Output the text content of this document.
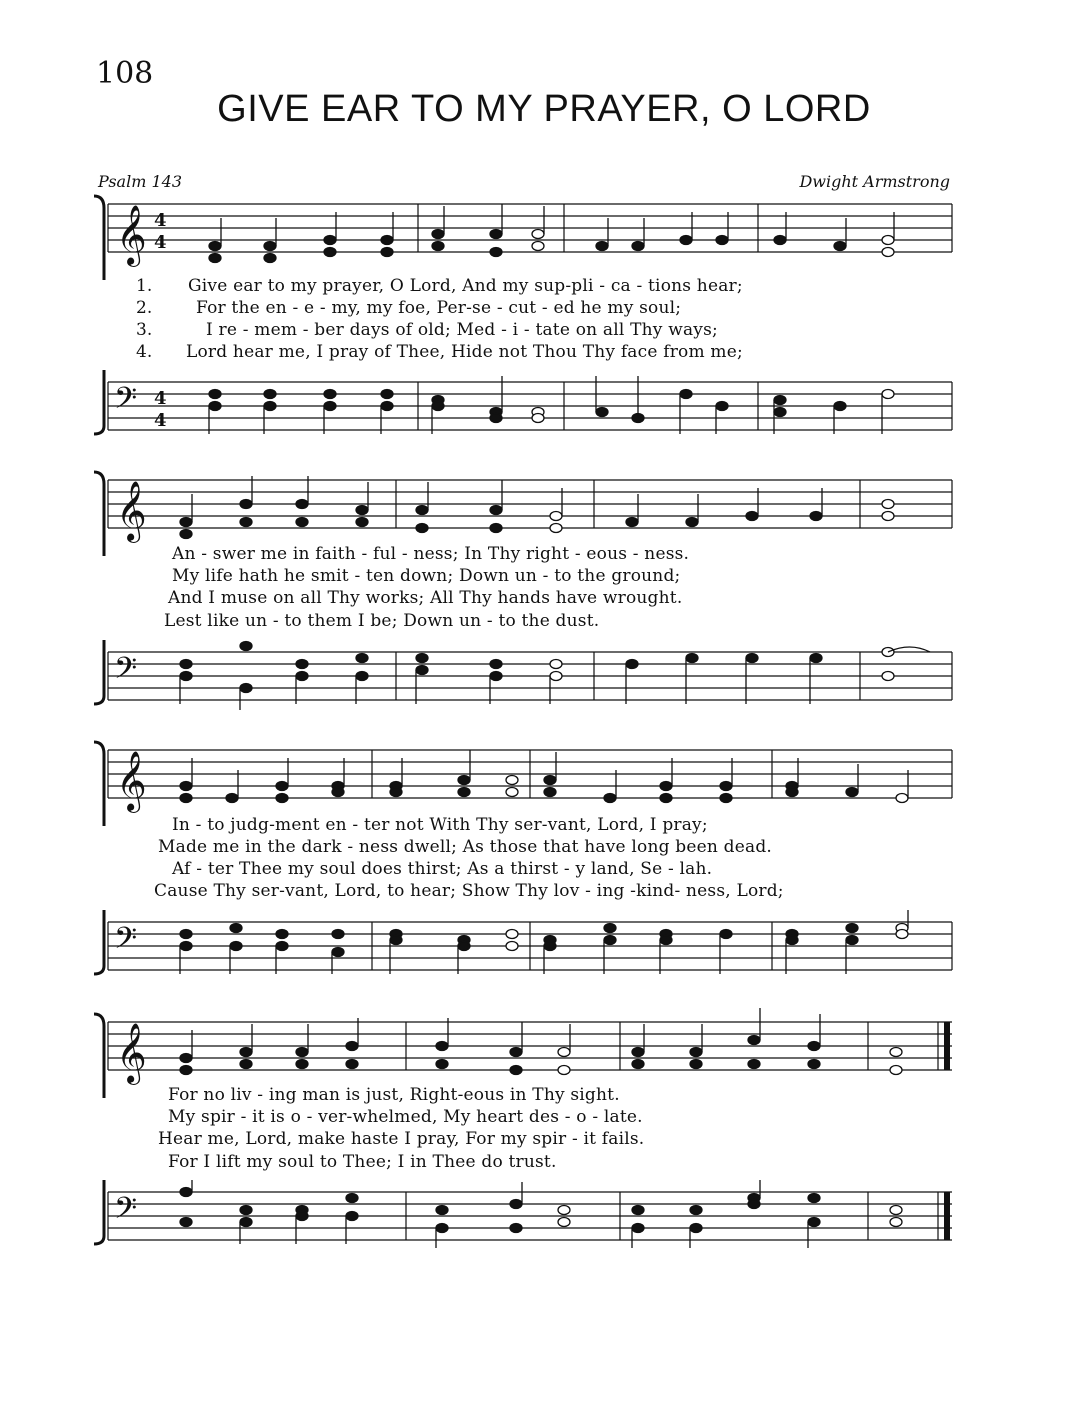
108
GIVE EAR TO MY PRAYER, O LORD
Psalm 143	Dwight Armstrong
𝄞 4
4
1.
2.
3.
4.
Give ear to my prayer, O Lord, And my sup-pli - ca - tions hear;
For the en - e - my, my foe, Per-se - cut - ed he my soul;
I re - mem - ber days of old; Med - i - tate on all Thy ways;
Lord hear me, I pray of Thee, Hide not Thou Thy face from me;
𝄢 4
4
𝄞
An - swer me in faith - ful - ness; In Thy right - eous - ness.
My life hath he smit - ten down; Down un - to the ground;
And I muse on all Thy works; All Thy hands have wrought.
Lest like un - to them I be; Down un - to the dust.
𝄢
𝄞
In - to judg-ment en - ter not With Thy ser-vant, Lord, I pray;
Made me in the dark - ness dwell; As those that have long been dead.
Af - ter Thee my soul does thirst; As a thirst - y land, Se - lah.
Cause Thy ser-vant, Lord, to hear; Show Thy lov - ing -kind- ness, Lord;
𝄢
𝄞
For no liv - ing man is just, Right-eous in Thy sight.
My spir - it is o - ver-whelmed, My heart des - o - late.
Hear me, Lord, make haste I pray, For my spir - it fails.
For I lift my soul to Thee; I in Thee do trust.
𝄢
